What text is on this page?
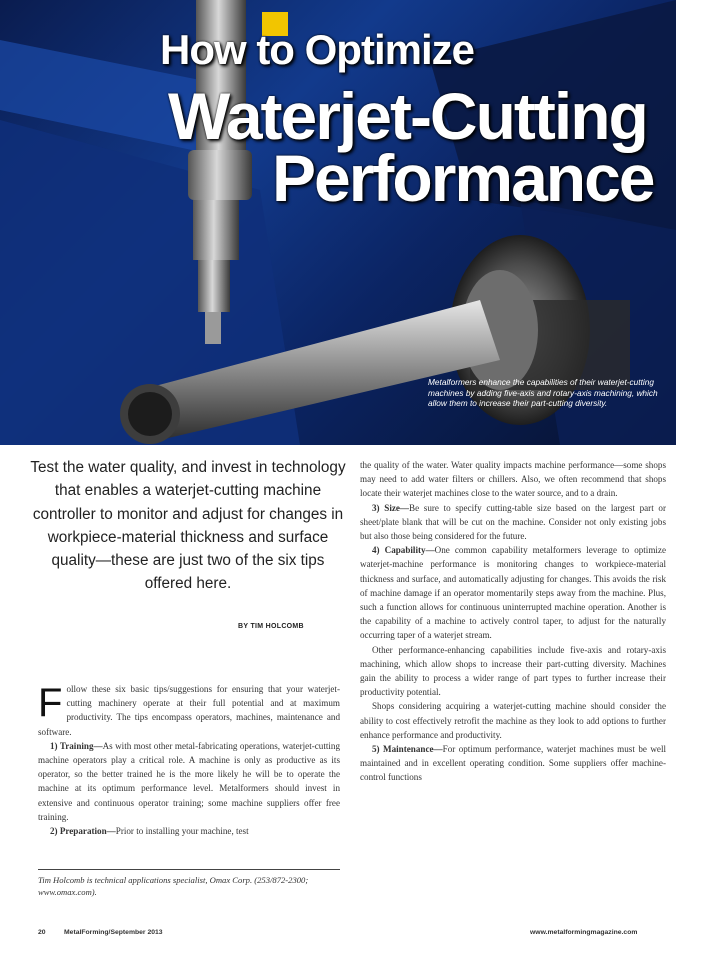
How to Optimize
Waterjet-Cutting
Performance
Metalformers enhance the capabilities of their waterjet-cutting machines by adding five-axis and rotary-axis machining, which allow them to increase their part-cutting diversity.
Test the water quality, and invest in technology that enables a waterjet-cutting machine controller to monitor and adjust for changes in workpiece-material thickness and surface quality—these are just two of the six tips offered here.
BY TIM HOLCOMB

Follow these six basic tips/suggestions for ensuring that your waterjet-cutting machinery operate at their full potential and at maximum productivity. The tips encompass operators, machines, maintenance and software.

1) Training—As with most other metal-fabricating operations, waterjet-cutting machine operators play a critical role. A machine is only as productive as its operator, so the better trained he is the more likely he will be to operate the machine at its optimum performance level. Metalformers should invest in extensive and continuous operator training; some machine suppliers offer free training.

2) Preparation—Prior to installing your machine, test

Tim Holcomb is technical applications specialist, Omax Corp. (253/872-2300; www.omax.com).

the quality of the water. Water quality impacts machine performance—some shops may need to add water filters or chillers. Also, we often recommend that shops locate their waterjet machines close to the water source, and to a drain.

3) Size—Be sure to specify cutting-table size based on the largest part or sheet/plate blank that will be cut on the machine. Consider not only existing jobs but also those being considered for the future.

4) Capability—One common capability metalformers leverage to optimize waterjet-machine performance is monitoring changes to workpiece-material thickness and surface, and automatically adjusting for changes. This avoids the risk of machine damage if an operator momentarily steps away from the machine. Plus, such a function allows for continuous uninterrupted machine operation. Another is the capability of a machine to actively control taper, to adjust for the naturally occurring taper of a waterjet stream.

Other performance-enhancing capabilities include five-axis and rotary-axis machining, which allow shops to increase their part-cutting diversity. Machines gain the ability to process a wider range of part types to further increase their productivity potential.

Shops considering acquiring a waterjet-cutting machine should consider the ability to cost effectively retrofit the machine as they look to add options to further enhance performance and productivity.

5) Maintenance—For optimum performance, waterjet machines must be well maintained and in excellent operating condition. Some suppliers offer machine-control functions

20	MetalForming/September 2013	www.metalformingmagazine.com
